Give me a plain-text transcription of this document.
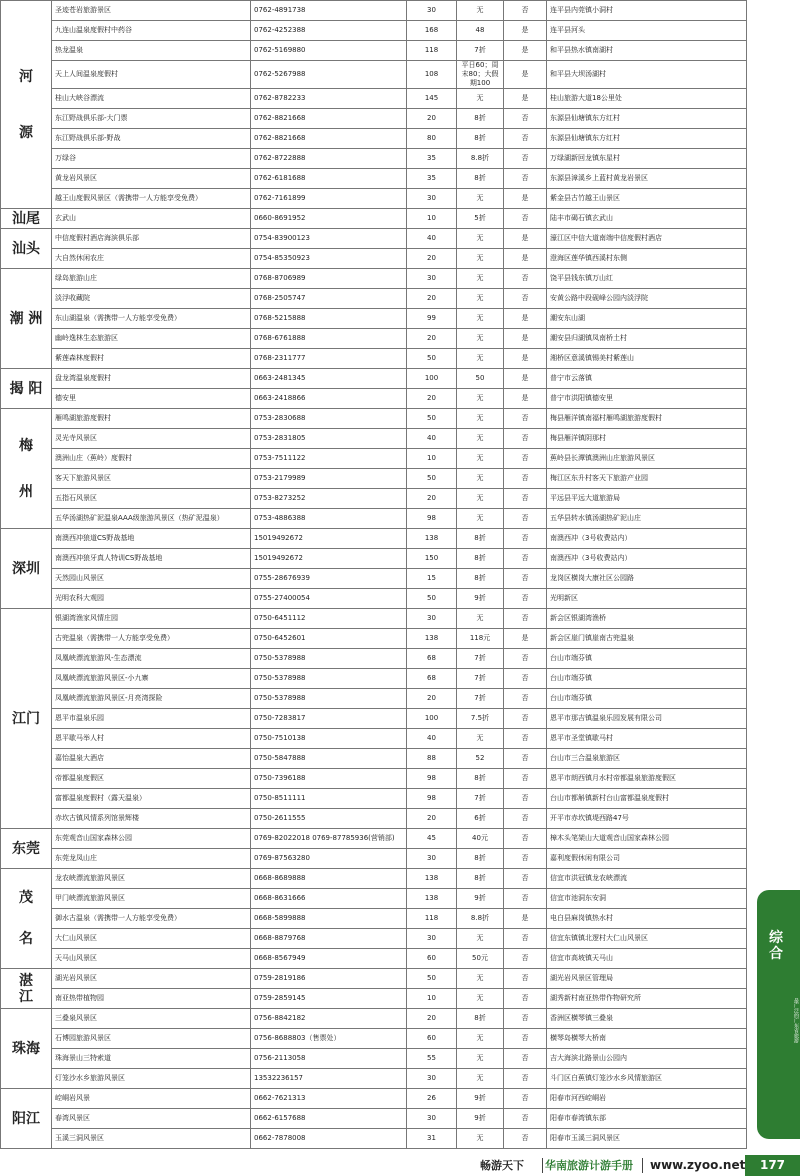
河
源	圣迹苍岩旅游景区	0762-4891738	30	无	否	连平县内莞镇小洞村
	九连山温泉度假村中药谷	0762-4252388	168	48	是	连平县河头
	热龙温泉	0762-5169880	118	7折	是	和平县热水镇南湖村
	天上人间温泉度假村	0762-5267988	108	平日60；周末80；大假期100	是	和平县大坝汤湖村
	桂山大峡谷漂流	0762-8782233	145	无	是	桂山旅游大道18公里处
	东江野战俱乐部-大门票	0762-8821668	20	8折	否	东源县仙塘镇东方红村
	东江野战俱乐部-野战	0762-8821668	80	8折	否	东源县仙塘镇东方红村
	万绿谷	0762-8722888	35	8.8折	否	万绿湖新回龙镇东星村
	黄龙岩风景区	0762-6181688	35	8折	否	东源县漳溪乡上蓝村黄龙岩景区
	越王山度假风景区（需携带一人方能享受免费）	0762-7161899	30	无	是	紫金县古竹越王山景区

汕尾	玄武山	0660-8691952	10	5折	否	陆丰市碣石镇玄武山

汕头	中信度假村酒店海滨俱乐部	0754-83900123	40	无	是	濠江区中信大道南端中信度假村酒店
	大自然休闲农庄	0754-85350923	20	无	是	澄海区莲华镇西溪村东侧

潮 洲	绿岛旅游山庄	0768-8706989	30	无	否	饶平县钱东镇万山红
	淡浮收藏院	0768-2505747	20	无	否	安黄公路中段砚峰公园内淡浮院
	东山湖温泉（需携带一人方能享受免费）	0768-5215888	99	无	是	潮安东山湖
	幽岭逸林生态旅游区	0768-6761888	20	无	是	潮安县归湖镇凤南桥土村
	紫莲森林度假村	0768-2311777	50	无	是	湘桥区意溪镇锡美村紫莲山

揭 阳	盘龙湾温泉度假村	0663-2481345	100	50	是	普宁市云落镇
	德安里	0663-2418866	20	无	是	普宁市洪阳镇德安里

梅
州	雁鸣湖旅游度假村	0753-2830688	50	无	否	梅县雁洋镇南福村雁鸣湖旅游度假村
	灵光寺风景区	0753-2831805	40	无	否	梅县雁洋镇阴那村
	澳洲山庄（蕉岭）度假村	0753-7511122	10	无	否	蕉岭县长潭镇澳洲山庄旅游风景区
	客天下旅游风景区	0753-2179989	50	无	否	梅江区东升村客天下旅游产业园
	五指石风景区	0753-8273252	20	无	否	平远县平远大道旅游局
	五华汤湖热矿泥温泉AAA级旅游风景区（热矿泥温泉）	0753-4886388	98	无	否	五华县转水镇汤湖热矿泥山庄

深圳	南澳西冲狼道CS野战基地	15019492672	138	8折	否	南澳西冲（3号收费站内）
	南澳西冲狼牙真人特训CS野战基地	15019492672	150	8折	否	南澳西冲（3号收费站内）
	天然园山风景区	0755-28676939	15	8折	否	龙岗区横岗大康社区公园路
	光明农科大观园	0755-27400054	50	9折	否	光明新区

江门	银湖湾渔家风情庄园	0750-6451112	30	无	否	新会区银湖湾渔桥
	古兜温泉（需携带一人方能享受免费）	0750-6452601	138	118元	是	新会区崖门镇崖南古兜温泉
	凤凰峡漂流旅游风-生态漂流	0750-5378988	68	7折	否	台山市端芬镇
	凤凰峡漂流旅游风景区-小九寨	0750-5378988	68	7折	否	台山市端芬镇
	凤凰峡漂流旅游风景区-月亮湾探险	0750-5378988	20	7折	否	台山市端芬镇
	恩平市温泉乐园	0750-7283817	100	7.5折	否	恩平市那吉镇温泉乐园发展有限公司
	恩平歇马举人村	0750-7510138	40	无	否	恩平市圣堂镇歇马村
	嘉怡温泉大酒店	0750-5847888	88	52	否	台山市三合温泉旅游区
	帝都温泉度假区	0750-7396188	98	8折	否	恩平市朗西镇月水村帝都温泉旅游度假区
	富都温泉度假村（露天温泉）	0750-8511111	98	7折	否	台山市都斛镇新村台山富都温泉度假村
	赤坎古镇风情系列馆景辉楼	0750-2611555	20	6折	否	开平市赤坎镇堤西路47号

东莞	东莞观音山国家森林公园	0769-82022018 0769-87785936(营销部)	45	40元	否	樟木头笔架山大道观音山国家森林公园
	东莞龙凤山庄	0769-87563280	30	8折	否	嘉利度假休闲有限公司

茂
名	龙农峡漂流旅游风景区	0668-8689888	138	8折	否	信宜市洪冠镇龙农峡漂流
	甲门峡漂流旅游风景区	0668-8631666	138	9折	否	信宜市池洞东安洞
	御水古温泉（需携带一人方能享受免费）	0668-5899888	118	8.8折	是	电白县麻岗镇热水村
	大仁山风景区	0668-8879768	30	无	否	信宜东镇镇北逻村大仁山风景区
	天马山风景区	0668-8567949	60	50元	否	信宜市高坡镇天马山

湛
江	湖光岩风景区	0759-2819186	50	无	否	湖光岩风景区管理局
	南亚热带植物园	0759-2859145	10	无	否	湖秀新村南亚热带作物研究所

珠海	三叠泉风景区	0756-8842182	20	8折	否	香洲区横琴镇三叠泉
	石博园旅游风景区	0756-8688803（售票处）	60	无	否	横琴岛横琴大桥南
	珠海景山三特索道	0756-2113058	55	无	否	吉大海滨北路景山公园内
	灯笼沙水乡旅游风景区	13532236157	30	无	否	斗门区白蕉镇灯笼沙水乡风情旅游区

阳江	崆峒岩风景	0662-7621313	26	9折	否	阳春市河西崆峒岩
	春湾风景区	0662-6157688	30	9折	否	阳春市春湾镇东部
	玉溪三洞风景区	0662-7878008	31	无	否	阳春市玉溪三洞风景区
综合
最广泛的广东省旅游
畅游天下 华南旅游计游手册 www.zyoo.net	177
